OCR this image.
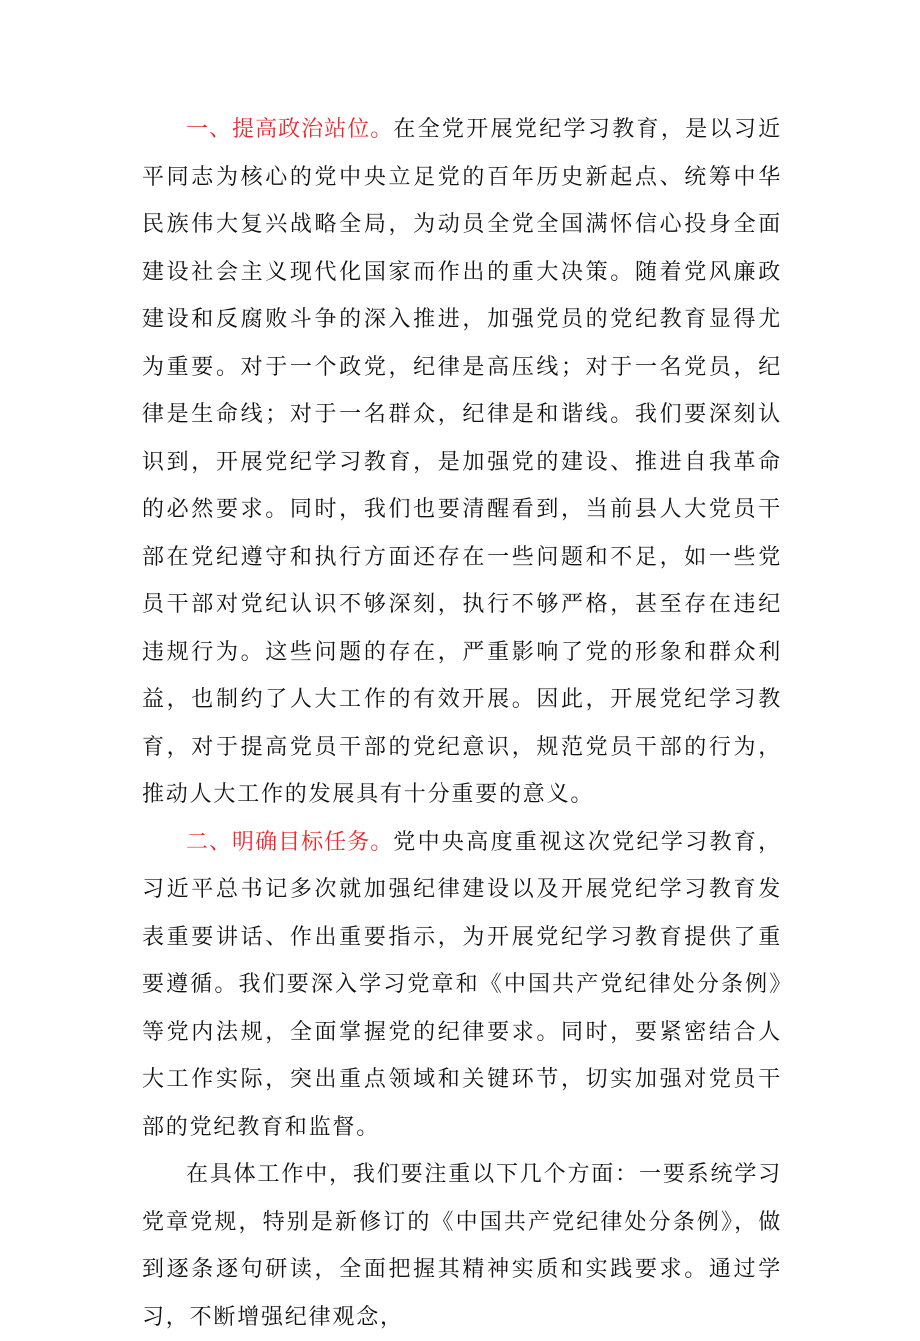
一、提高政治站位。在全党开展党纪学习教育，是以习近平同志为核心的党中央立足党的百年历史新起点、统筹中华民族伟大复兴战略全局，为动员全党全国满怀信心投身全面建设社会主义现代化国家而作出的重大决策。随着党风廉政建设和反腐败斗争的深入推进，加强党员的党纪教育显得尤为重要。对于一个政党，纪律是高压线；对于一名党员，纪律是生命线；对于一名群众，纪律是和谐线。我们要深刻认识到，开展党纪学习教育，是加强党的建设、推进自我革命的必然要求。同时，我们也要清醒看到，当前县人大党员干部在党纪遵守和执行方面还存在一些问题和不足，如一些党员干部对党纪认识不够深刻，执行不够严格，甚至存在违纪违规行为。这些问题的存在，严重影响了党的形象和群众利益，也制约了人大工作的有效开展。因此，开展党纪学习教育，对于提高党员干部的党纪意识，规范党员干部的行为，推动人大工作的发展具有十分重要的意义。

二、明确目标任务。党中央高度重视这次党纪学习教育，习近平总书记多次就加强纪律建设以及开展党纪学习教育发表重要讲话、作出重要指示，为开展党纪学习教育提供了重要遵循。我们要深入学习党章和《中国共产党纪律处分条例》等党内法规，全面掌握党的纪律要求。同时，要紧密结合人大工作实际，突出重点领域和关键环节，切实加强对党员干部的党纪教育和监督。

在具体工作中，我们要注重以下几个方面：一要系统学习党章党规，特别是新修订的《中国共产党纪律处分条例》，做到逐条逐句研读，全面把握其精神实质和实践要求。通过学习，不断增强纪律观念，
